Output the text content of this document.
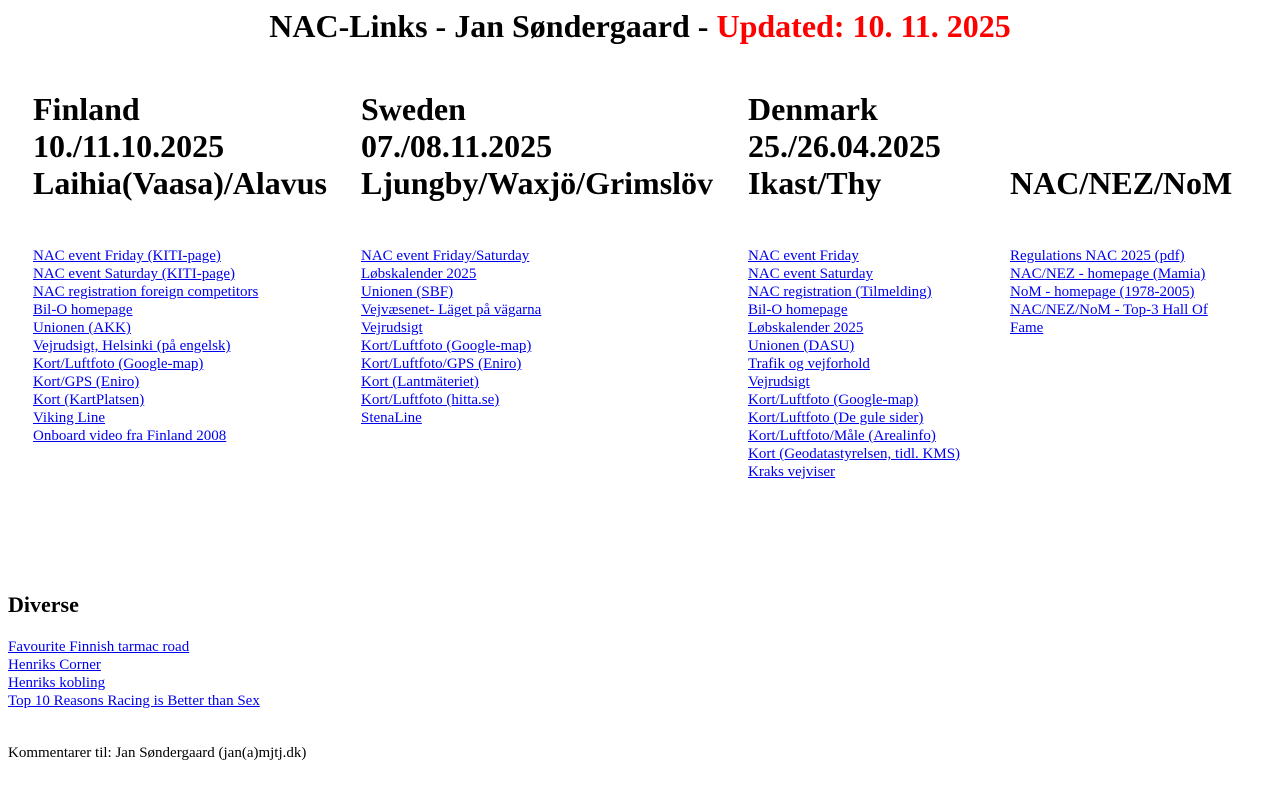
NAC-Links - Jan Søndergaard - Updated: 10. 11. 2025
Finland
10./11.10.2025
Laihia(Vaasa)/Alavus
NAC event Friday (KITI-page)
NAC event Saturday (KITI-page)
NAC registration foreign competitors
Bil-O homepage
Unionen (AKK)
Vejrudsigt, Helsinki (på engelsk)
Kort/Luftfoto (Google-map)
Kort/GPS (Eniro)
Kort (KartPlatsen)
Viking Line
Onboard video fra Finland 2008
Sweden
07./08.11.2025
Ljungby/Waxjö/Grimslöv
NAC event Friday/Saturday
Løbskalender 2025
Unionen (SBF)
Vejvæsenet- Läget på vägarna
Vejrudsigt
Kort/Luftfoto (Google-map)
Kort/Luftfoto/GPS (Eniro)
Kort (Lantmäteriet)
Kort/Luftfoto (hitta.se)
StenaLine
Denmark
25./26.04.2025
Ikast/Thy
NAC event Friday
NAC event Saturday
NAC registration (Tilmelding)
Bil-O homepage
Løbskalender 2025
Unionen (DASU)
Trafik og vejforhold
Vejrudsigt
Kort/Luftfoto (Google-map)
Kort/Luftfoto (De gule sider)
Kort/Luftfoto/Måle (Arealinfo)
Kort (Geodatastyrelsen, tidl. KMS)
Kraks vejviser
NAC/NEZ/NoM
Regulations NAC 2025 (pdf)
NAC/NEZ - homepage (Mamia)
NoM - homepage (1978-2005)
NAC/NEZ/NoM - Top-3 Hall Of Fame
Diverse
Favourite Finnish tarmac road
Henriks Corner
Henriks kobling
Top 10 Reasons Racing is Better than Sex
Kommentarer til: Jan Søndergaard (jan(a)mjtj.dk)
